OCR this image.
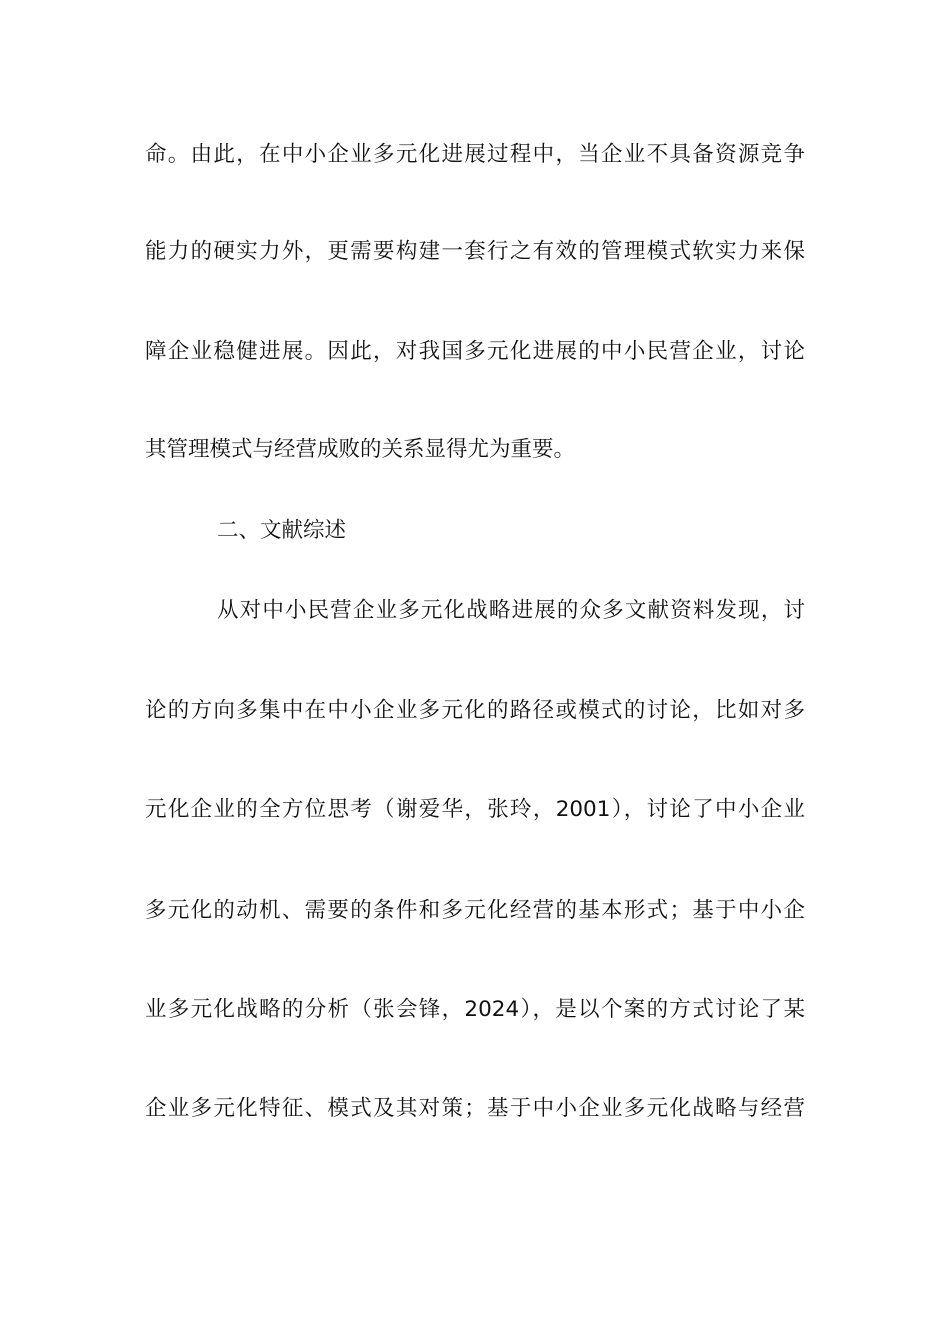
命。由此，在中小企业多元化进展过程中，当企业不具备资源竞争
能力的硬实力外，更需要构建一套行之有效的管理模式软实力来保
障企业稳健进展。因此，对我国多元化进展的中小民营企业，讨论
其管理模式与经营成败的关系显得尤为重要。
二、文献综述
从对中小民营企业多元化战略进展的众多文献资料发现，讨
论的方向多集中在中小企业多元化的路径或模式的讨论，比如对多
元化企业的全方位思考（谢爱华，张玲，2001），讨论了中小企业
多元化的动机、需要的条件和多元化经营的基本形式；基于中小企
业多元化战略的分析（张会锋，2024），是以个案的方式讨论了某
企业多元化特征、模式及其对策；基于中小企业多元化战略与经营
